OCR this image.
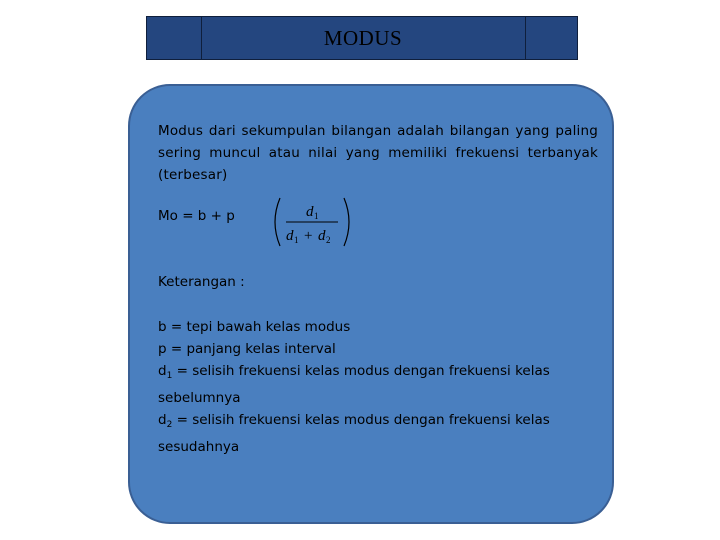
MODUS

Modus dari sekumpulan bilangan adalah bilangan yang paling sering muncul atau nilai yang memiliki frekuensi terbanyak (terbesar)

Mo = b + p	d 1
d 1 + d 2
Keterangan :
b = tepi bawah kelas modus
p = panjang kelas interval
$d_1$ = selisih frekuensi kelas modus dengan frekuensi kelas sebelumnya
$d_2$ = selisih frekuensi kelas modus dengan frekuensi kelas sesudahnya
